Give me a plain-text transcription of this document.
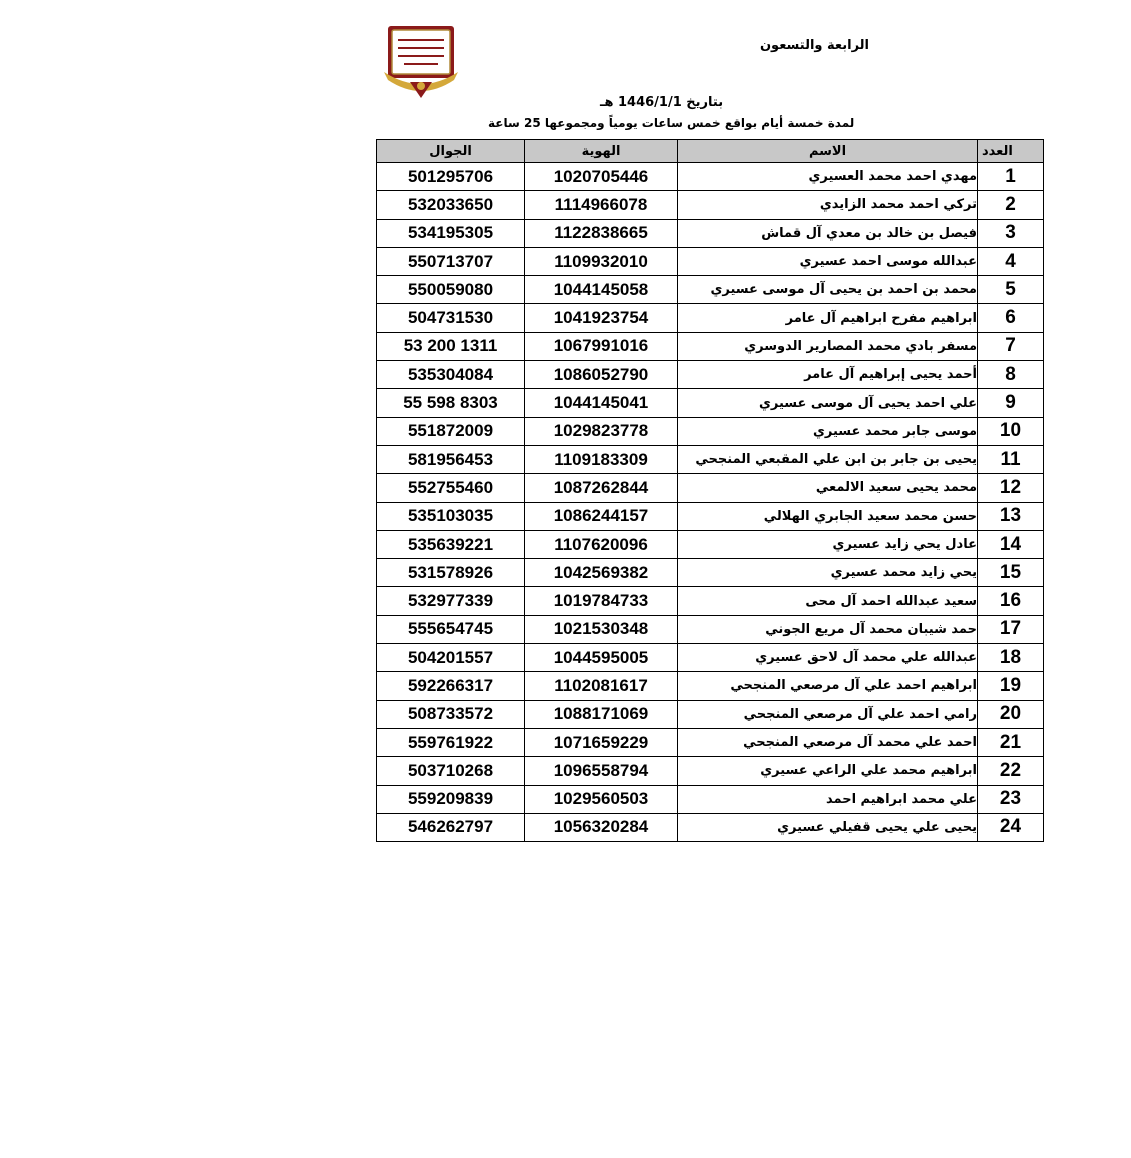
الرابعة والتسعون
بتاريخ 1446/1/1 هـ
لمدة خمسة أيام بواقع خمس ساعات يومياً ومجموعها 25 ساعة
العدد	الاسم	الهوية	الجوال
1	مهدي احمد محمد العسيري	1020705446	501295706
2	تركي احمد محمد الزايدي	1114966078	532033650
3	فيصل بن خالد بن معدي آل قماش	1122838665	534195305
4	عبدالله موسى احمد عسيري	1109932010	550713707
5	محمد بن احمد بن يحيى آل موسى عسيري	1044145058	550059080
6	ابراهيم مفرح ابراهيم آل عامر	1041923754	504731530
7	مسفر بادي محمد المصارير الدوسري	1067991016	53 200 1311
8	أحمد يحيى إبراهيم آل عامر	1086052790	535304084
9	علي احمد يحيى آل موسى عسيري	1044145041	55 598 8303
10	موسى جابر محمد عسيري	1029823778	551872009
11	يحيى بن جابر بن ابن علي المقبعي المنجحي	1109183309	581956453
12	محمد يحيى سعيد الالمعي	1087262844	552755460
13	حسن محمد سعيد الجابري الهلالي	1086244157	535103035
14	عادل يحي زايد عسيري	1107620096	535639221
15	يحي زايد محمد عسيري	1042569382	531578926
16	سعيد عبدالله احمد آل محى	1019784733	532977339
17	حمد شيبان محمد آل مريع الجوني	1021530348	555654745
18	عبدالله علي محمد آل لاحق عسيري	1044595005	504201557
19	ابراهيم احمد علي آل مرصعي المنجحي	1102081617	592266317
20	رامي احمد علي آل مرصعي المنجحي	1088171069	508733572
21	احمد علي محمد آل مرصعي المنجحي	1071659229	559761922
22	ابراهيم محمد علي الراعي عسيري	1096558794	503710268
23	علي محمد ابراهيم احمد	1029560503	559209839
24	يحيى علي يحيى قفيلي عسيري	1056320284	546262797
